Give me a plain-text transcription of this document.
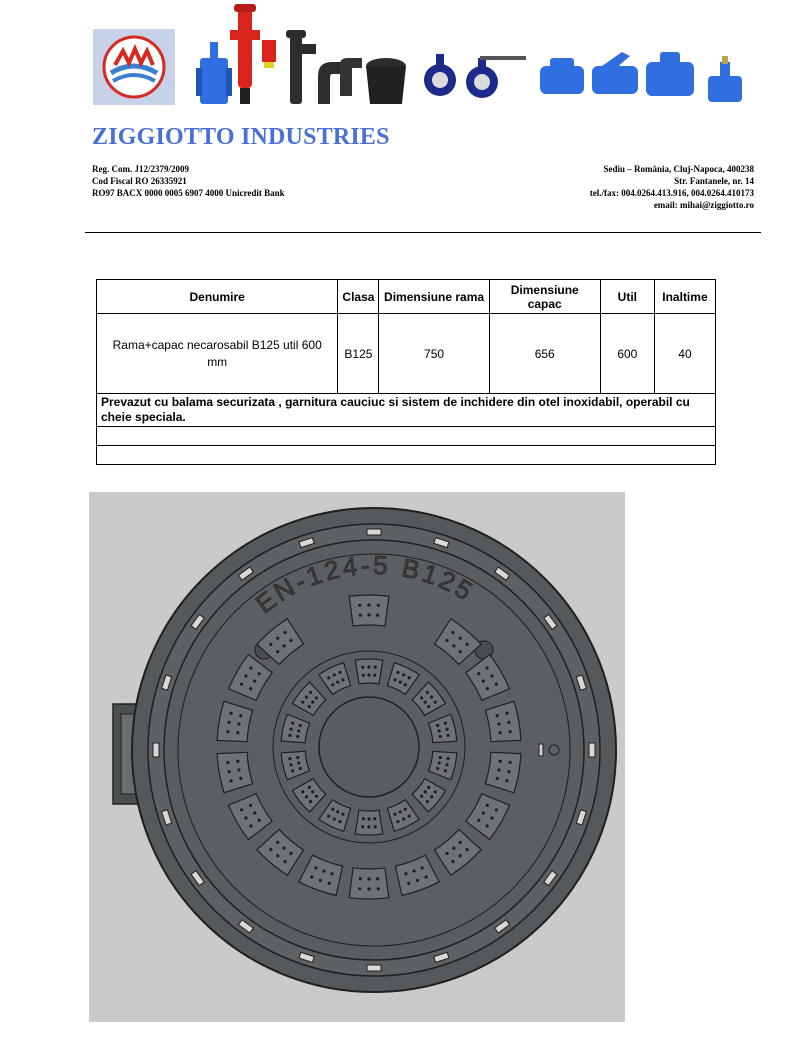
ZIGGIOTTO INDUSTRIES
Reg. Com. J12/2379/2009
Cod Fiscal RO 26335921
RO97 BACX 0000 0005 6907 4000 Unicredit Bank
Sediu – România, Cluj-Napoca, 400238
Str. Fantanele, nr. 14
tel./fax: 004.0264.413.916, 004.0264.410173
email: mihai@ziggiotto.ro
Denumire	Clasa	Dimensiune rama	Dimensiune capac	Util	Inaltime
Rama+capac necarosabil B125 util 600 mm	B125	750	656	600	40
Prevazut cu balama securizata , garnitura cauciuc si sistem de inchidere din otel inoxidabil, operabil cu cheie speciala.					

EN-124-5 B125
